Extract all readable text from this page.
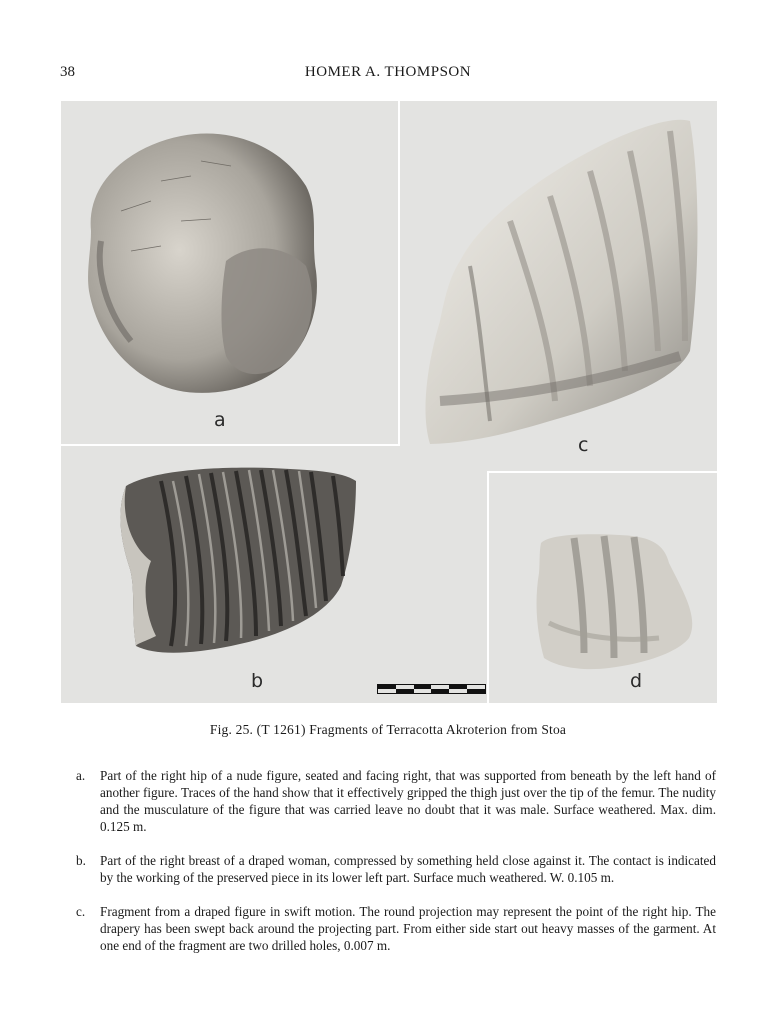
38	HOMER A. THOMPSON
a
c
b	d
Fig. 25. (T 1261) Fragments of Terracotta Akroterion from Stoa
a. Part of the right hip of a nude figure, seated and facing right, that was supported from beneath by the left hand of another figure. Traces of the hand show that it effectively gripped the thigh just over the tip of the femur. The nudity and the musculature of the figure that was carried leave no doubt that it was male. Surface weathered. Max. dim. 0.125 m.
b. Part of the right breast of a draped woman, compressed by something held close against it. The contact is indicated by the working of the preserved piece in its lower left part. Surface much weathered. W. 0.105 m.
c. Fragment from a draped figure in swift motion. The round projection may represent the point of the right hip. The drapery has been swept back around the projecting part. From either side start out heavy masses of the garment. At one end of the fragment are two drilled holes, 0.007 m.
